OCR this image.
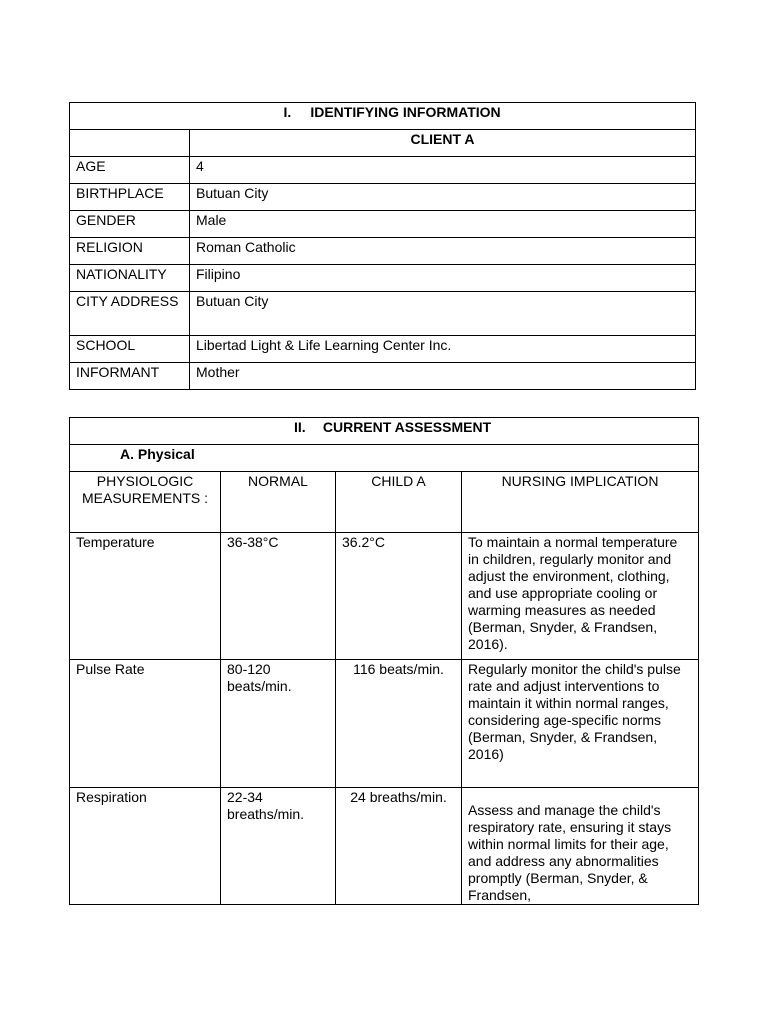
I. IDENTIFYING INFORMATION	
	CLIENT A
AGE	4
BIRTHPLACE	Butuan City
GENDER	Male
RELIGION	Roman Catholic
NATIONALITY	Filipino
CITY ADDRESS	Butuan City
SCHOOL	Libertad Light & Life Learning Center Inc.
INFORMANT	Mother
II. CURRENT ASSESSMENT			
A. Physical			
PHYSIOLOGIC MEASUREMENTS :	NORMAL	CHILD A	NURSING IMPLICATION
Temperature	36-38°C	36.2°C	To maintain a normal temperature in children, regularly monitor and adjust the environment, clothing, and use appropriate cooling or warming measures as needed (Berman, Snyder, & Frandsen, 2016).
Pulse Rate	80-120 beats/min.	116 beats/min.	Regularly monitor the child's pulse rate and adjust interventions to maintain it within normal ranges, considering age-specific norms (Berman, Snyder, & Frandsen, 2016)
Respiration	22-34 breaths/min.	24 breaths/min.	Assess and manage the child's respiratory rate, ensuring it stays within normal limits for their age, and address any abnormalities promptly (Berman, Snyder, & Frandsen,
